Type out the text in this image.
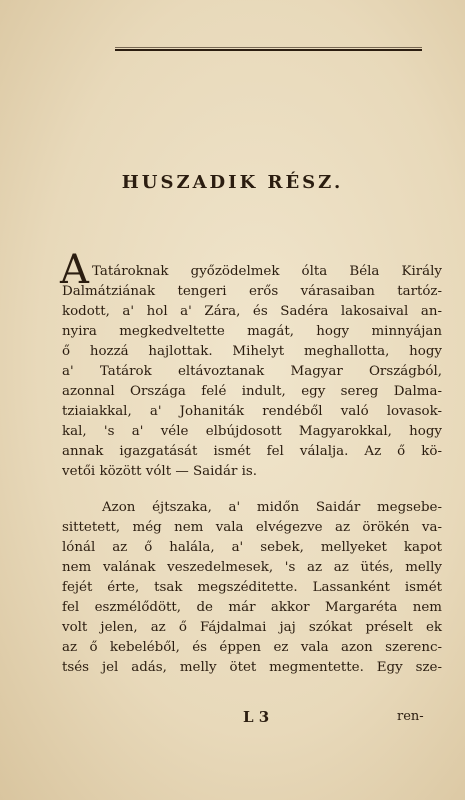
HUSZADIK RÉSZ.
A Tatároknak győzödelmek ólta Béla Király
Dalmátziának tengeri erős várasaiban tartóz-
kodott, a' hol a' Zára, és Sadéra lakosaival an-
nyira megkedveltette magát, hogy minnyájan
ő hozzá hajlottak. Mihelyt meghallotta, hogy
a' Tatárok eltávoztanak Magyar Országból,
azonnal Országa felé indult, egy sereg Dalma-
tziaiakkal, a' Johaniták rendéből való lovasok-
kal, 's a' véle elbújdosott Magyarokkal, hogy
annak igazgatását ismét fel válalja. Az ő kö-
vetői között vólt — Saidár is.
Azon éjtszaka, a' midőn Saidár megsebe-
sittetett, még nem vala elvégezve az örökén va-
lónál az ő halála, a' sebek, mellyeket kapot
nem valának veszedelmesek, 's az az ütés, melly
fejét érte, tsak megszéditette. Lassanként ismét
fel eszmélődött, de már akkor Margaréta nem
volt jelen, az ő Fájdalmai jaj szókat préselt ek
az ő kebeléből, és éppen ez vala azon szerenc-
tsés jel adás, melly ötet megmentette. Egy sze-
L 3	ren-
